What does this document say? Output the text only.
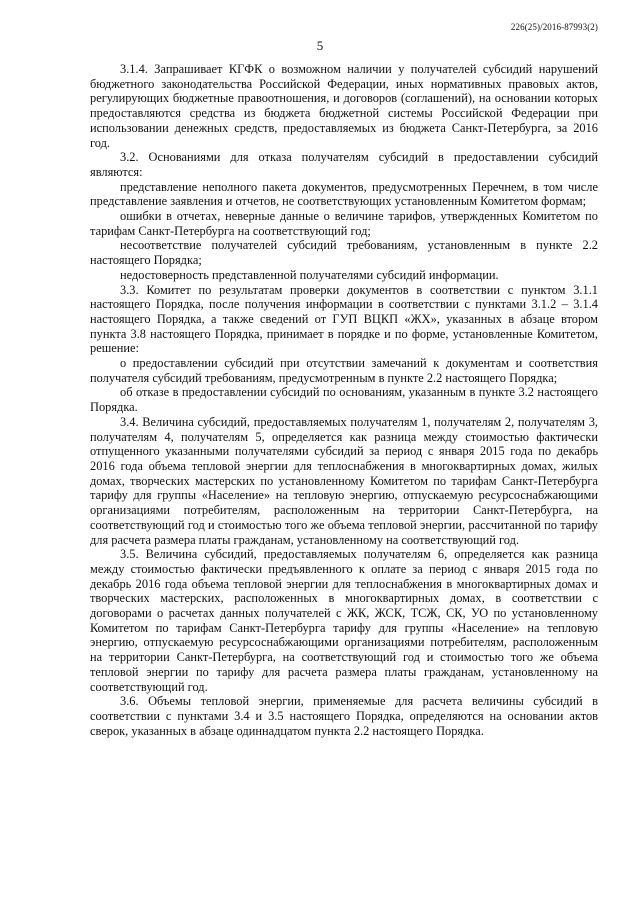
226(25)/2016-87993(2)
5

3.1.4. Запрашивает КГФК о возможном наличии у получателей субсидий нарушений бюджетного законодательства Российской Федерации, иных нормативных правовых актов, регулирующих бюджетные правоотношения, и договоров (соглашений), на основании которых предоставляются средства из бюджета бюджетной системы Российской Федерации при использовании денежных средств, предоставляемых из бюджета Санкт-Петербурга, за 2016 год.

3.2. Основаниями для отказа получателям субсидий в предоставлении субсидий являются:

представление неполного пакета документов, предусмотренных Перечнем, в том числе представление заявления и отчетов, не соответствующих установленным Комитетом формам;

ошибки в отчетах, неверные данные о величине тарифов, утвержденных Комитетом по тарифам Санкт-Петербурга на соответствующий год;

несоответствие получателей субсидий требованиям, установленным в пункте 2.2 настоящего Порядка;

недостоверность представленной получателями субсидий информации.

3.3. Комитет по результатам проверки документов в соответствии с пунктом 3.1.1 настоящего Порядка, после получения информации в соответствии с пунктами 3.1.2 – 3.1.4 настоящего Порядка, а также сведений от ГУП ВЦКП «ЖХ», указанных в абзаце втором пункта 3.8 настоящего Порядка, принимает в порядке и по форме, установленные Комитетом, решение:

о предоставлении субсидий при отсутствии замечаний к документам и соответствия получателя субсидий требованиям, предусмотренным в пункте 2.2 настоящего Порядка;

об отказе в предоставлении субсидий по основаниям, указанным в пункте 3.2 настоящего Порядка.

3.4. Величина субсидий, предоставляемых получателям 1, получателям 2, получателям 3, получателям 4, получателям 5, определяется как разница между стоимостью фактически отпущенного указанными получателями субсидий за период с января 2015 года по декабрь 2016 года объема тепловой энергии для теплоснабжения в многоквартирных домах, жилых домах, творческих мастерских по установленному Комитетом по тарифам Санкт-Петербурга тарифу для группы «Население» на тепловую энергию, отпускаемую ресурсоснабжающими организациями потребителям, расположенным на территории Санкт-Петербурга, на соответствующий год и стоимостью того же объема тепловой энергии, рассчитанной по тарифу для расчета размера платы гражданам, установленному на соответствующий год.

3.5. Величина субсидий, предоставляемых получателям 6, определяется как разница между стоимостью фактически предъявленного к оплате за период с января 2015 года по декабрь 2016 года объема тепловой энергии для теплоснабжения в многоквартирных домах и творческих мастерских, расположенных в многоквартирных домах, в соответствии с договорами о расчетах данных получателей с ЖК, ЖСК, ТСЖ, СК, УО по установленному Комитетом по тарифам Санкт-Петербурга тарифу для группы «Население» на тепловую энергию, отпускаемую ресурсоснабжающими организациями потребителям, расположенным на территории Санкт-Петербурга, на соответствующий год и стоимостью того же объема тепловой энергии по тарифу для расчета размера платы гражданам, установленному на соответствующий год.

3.6. Объемы тепловой энергии, применяемые для расчета величины субсидий в соответствии с пунктами 3.4 и 3.5 настоящего Порядка, определяются на основании актов сверок, указанных в абзаце одиннадцатом пункта 2.2 настоящего Порядка.
